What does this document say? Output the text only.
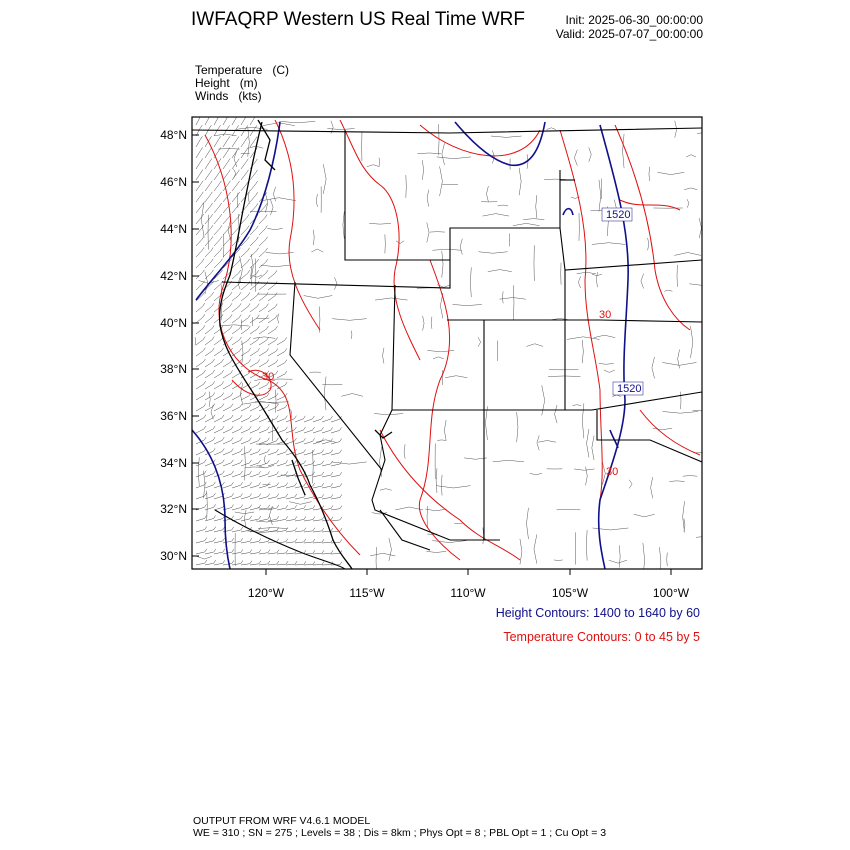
IWFAQRP Western US Real Time WRF	Init: 2025-06-30_00:00:00
Valid: 2025-07-07_00:00:00
Temperature   (C)
Height   (m)
Winds   (kts)
48°N
46°N
44°N
42°N
40°N
38°N
36°N
34°N
32°N
30°N
120°W	115°W	110°W	105°W	100°W
1520
1520
30
30
30
Height Contours: 1400 to 1640 by 60
Temperature Contours: 0 to 45 by 5
OUTPUT FROM WRF V4.6.1 MODEL
WE = 310 ; SN = 275 ; Levels = 38 ; Dis = 8km ; Phys Opt = 8 ; PBL Opt = 1 ; Cu Opt = 3
